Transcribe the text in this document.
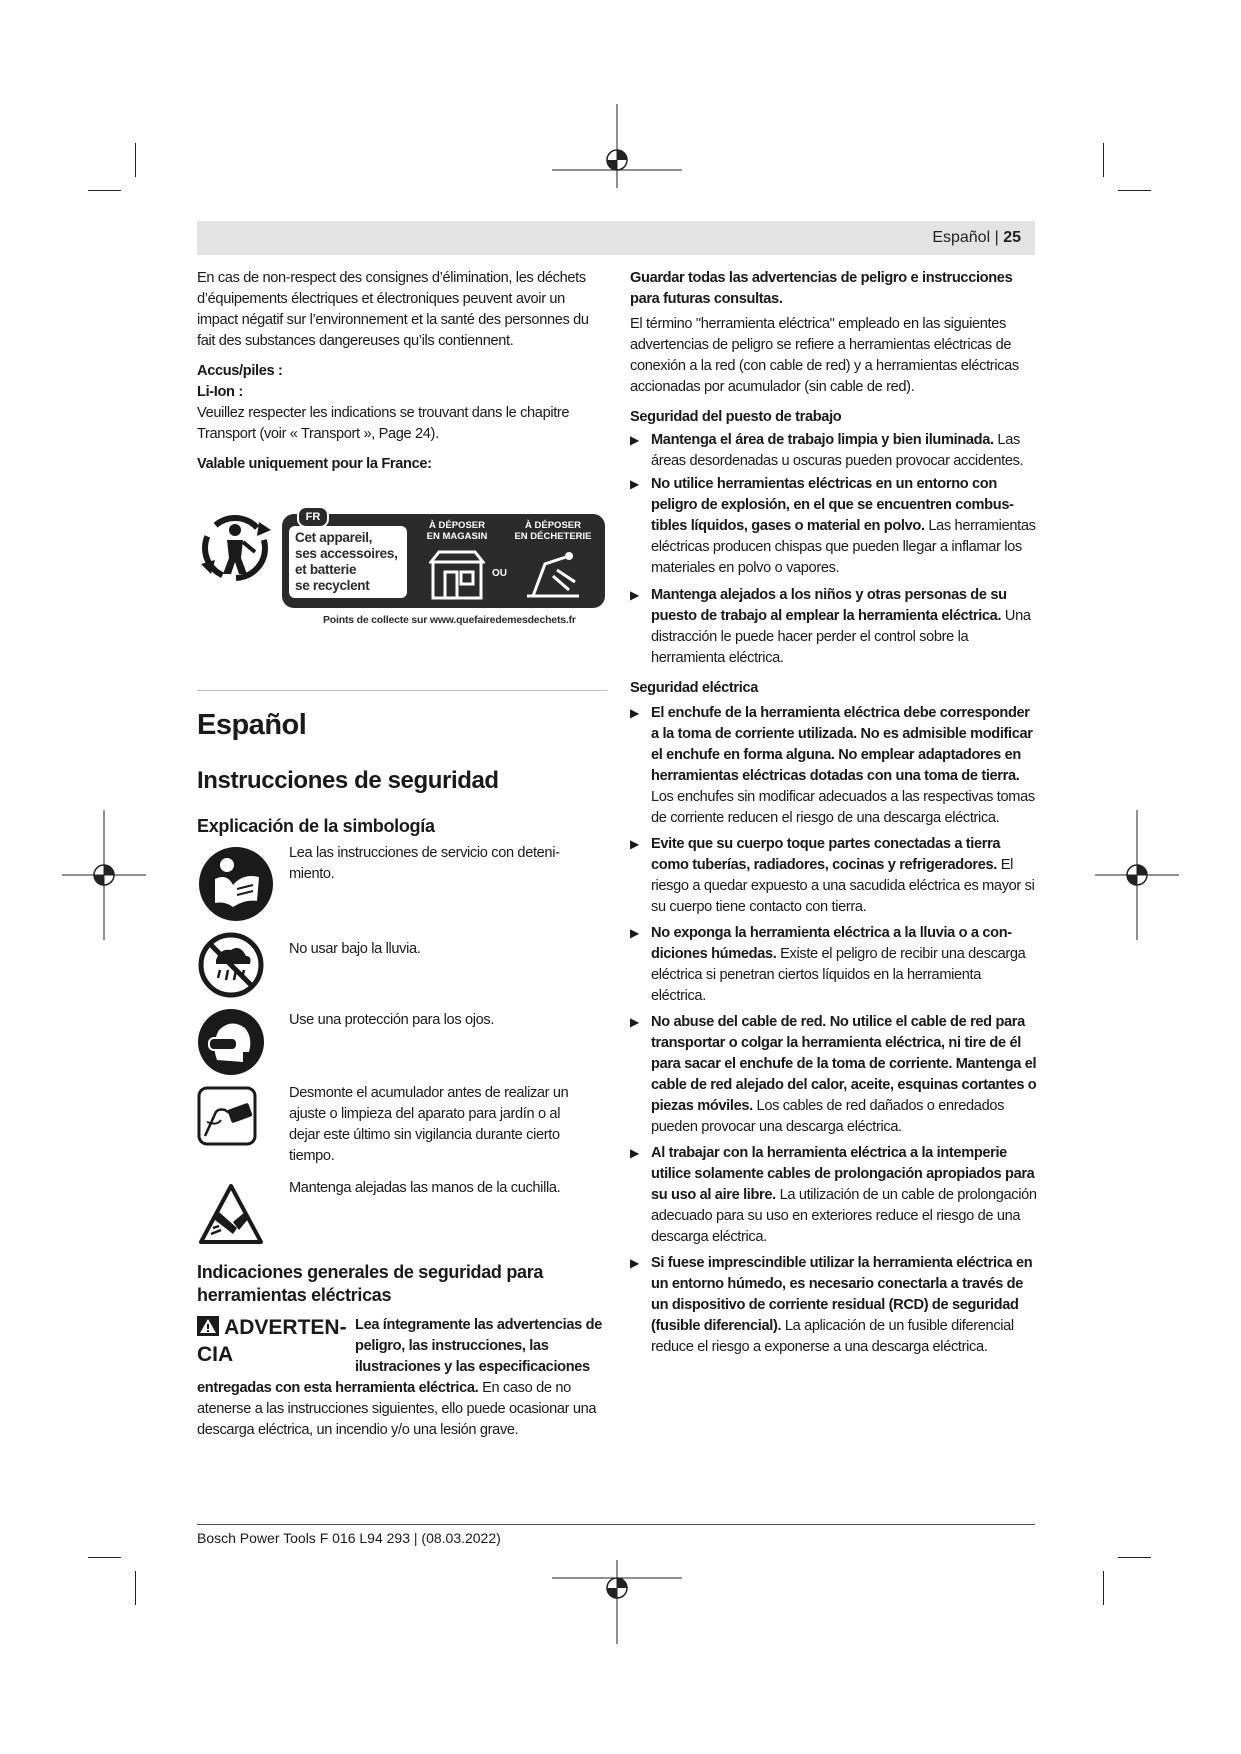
Español | 25

En cas de non-respect des consignes d’élimination, les déchets d’équipements électriques et électroniques peuvent avoir un impact négatif sur l’environnement et la santé des personnes du fait des substances dangereuses qu’ils contiennent.

Accus/piles :

Li-Ion :

Veuillez respecter les indications se trouvant dans le chapitre Transport (voir « Transport », Page 24).

Valable uniquement pour la France:

FR
Cet appareil,
ses accessoires,
et batterie
se recyclent
À DÉPOSER
EN MAGASIN
À DÉPOSER
EN DÉCHETERIE
OU
Points de collecte sur www.quefairedemesdechets.fr
Español
Instrucciones de seguridad
Explicación de la simbología
Lea las instrucciones de servicio con detenimiento.
No usar bajo la lluvia.
Use una protección para los ojos.
Desmonte el acumulador antes de realizar un ajuste o limpieza del aparato para jardín o al dejar este último sin vigilancia durante cierto tiempo.
Mantenga alejadas las manos de la cuchilla.
Indicaciones generales de seguridad para herramientas eléctricas
ADVERTENCIA
Lea íntegramente las advertencias de peligro, las instrucciones, las ilustraciones y las especificaciones entregadas con esta herramienta eléctrica. En caso de no atenerse a las instrucciones siguientes, ello puede ocasionar una descarga eléctrica, un incendio y/o una lesión grave.

Guardar todas las advertencias de peligro e instrucciones para futuras consultas.

El término "herramienta eléctrica" empleado en las siguientes advertencias de peligro se refiere a herramientas eléctricas de conexión a la red (con cable de red) y a herramientas eléctricas accionadas por acumulador (sin cable de red).

Seguridad del puesto de trabajo

▶ Mantenga el área de trabajo limpia y bien iluminada. Las áreas desordenadas u oscuras pueden provocar accidentes.
▶ No utilice herramientas eléctricas en un entorno con peligro de explosión, en el que se encuentren combustibles líquidos, gases o material en polvo. Las herramientas eléctricas producen chispas que pueden llegar a inflamar los materiales en polvo o vapores.
▶ Mantenga alejados a los niños y otras personas de su puesto de trabajo al emplear la herramienta eléctrica. Una distracción le puede hacer perder el control sobre la herramienta eléctrica.

Seguridad eléctrica

▶ El enchufe de la herramienta eléctrica debe corresponder a la toma de corriente utilizada. No es admisible modificar el enchufe en forma alguna. No emplear adaptadores en herramientas eléctricas dotadas con una toma de tierra. Los enchufes sin modificar adecuados a las respectivas tomas de corriente reducen el riesgo de una descarga eléctrica.
▶ Evite que su cuerpo toque partes conectadas a tierra como tuberías, radiadores, cocinas y refrigeradores. El riesgo a quedar expuesto a una sacudida eléctrica es mayor si su cuerpo tiene contacto con tierra.
▶ No exponga la herramienta eléctrica a la lluvia o a condiciones húmedas. Existe el peligro de recibir una descarga eléctrica si penetran ciertos líquidos en la herramienta eléctrica.
▶ No abuse del cable de red. No utilice el cable de red para transportar o colgar la herramienta eléctrica, ni tire de él para sacar el enchufe de la toma de corriente. Mantenga el cable de red alejado del calor, aceite, esquinas cortantes o piezas móviles. Los cables de red dañados o enredados pueden provocar una descarga eléctrica.
▶ Al trabajar con la herramienta eléctrica a la intemperie utilice solamente cables de prolongación apropiados para su uso al aire libre. La utilización de un cable de prolongación adecuado para su uso en exteriores reduce el riesgo de una descarga eléctrica.
▶ Si fuese imprescindible utilizar la herramienta eléctrica en un entorno húmedo, es necesario conectarla a través de un dispositivo de corriente residual (RCD) de seguridad (fusible diferencial). La aplicación de un fusible diferencial reduce el riesgo a exponerse a una descarga eléctrica.
Bosch Power Tools F 016 L94 293 | (08.03.2022)
